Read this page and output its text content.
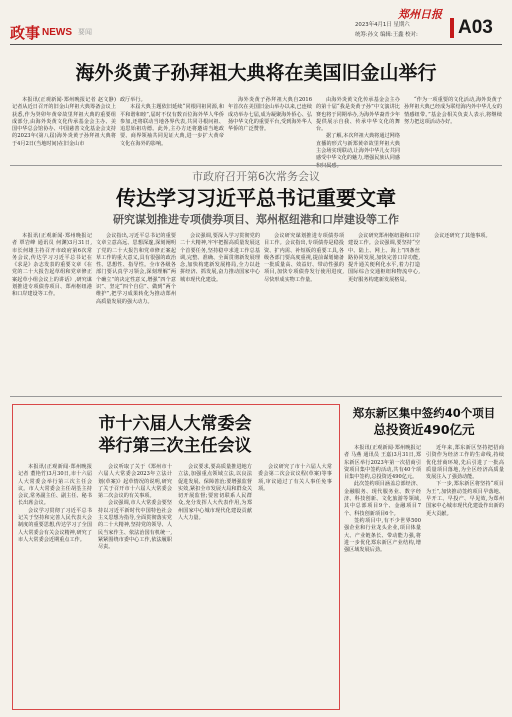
政事 NEWS 要闻
郑州日报
2023年4月1日 星期六
统筹:孙文 编辑:王鑫 校对: A03
海外炎黄子孙拜祖大典将在美国旧金山举行

本报讯(正观新闻·郑州晚报记者 赵文静)记者从近日召开的旧金山拜祖大典筹备会议上获悉,作为癸卯年黄帝故里拜祖大典的重要组成部分,由海外炎黄文化传承基金会主办、美国中华总会馆协办、中国慈善文化基金会支持的2023年(第八届)海外炎黄子孙拜祖大典将于4月2日(当地时间)在旧金山市

政厅举行。

本届大典主题依旧延续“同根同祖同源,和平和谐和睦”,届时不仅有数百位海外华人华侨参加,还将联动当地各界代表,共同寻根问祖、追思始祖功德。此外,主办方还将邀请当地政要、商界领袖共同见证大典,进一步扩大黄帝文化在海外的影响。

海外炎黄子孙拜祖大典自2016年首次在美国旧金山举办以来,已连续成功举办七届,成为凝聚海外侨心、弘扬中华文化的重要平台,受到海外华人华侨的广泛赞誉。

由海外炎黄文化传承基金会主办的第十届“我是炎黄子孙”中文演讲比赛也将于同期举办,为海外华裔青少年提供展示自我、传承中华文化的舞台。

据了解,本次拜祖大典将通过网络直播的形式与新郑黄帝故里拜祖大典主会场实现联动,让海外中华儿女共同感受中华文化的魅力,增强民族认同感

“作为一项重要的文化活动,海外炎黄子孙拜祖大典已经成为联结海内外中华儿女的情感纽带。”基金会相关负责人表示,将继续努力把这项活动办好。

市政府召开第6次常务会议
传达学习习近平总书记重要文章
研究谋划推进专项债券项目、郑州枢纽港和口岸建设等工作

本报讯(正观新闻·郑州晚报记者 覃岩峰 通讯员 何渊)3月31日,市长何雄主持召开市政府第6次常务会议,传达学习习近平总书记在《求是》杂志发表的重要文章《在党的二十大报告起草组和党章修正案起草小组会议上的讲话》,研究谋划推进专项债券项目、郑州枢纽港和口岸建设等工作。

会议指出,习近平总书记的重要文章立意高远、思想深邃,深刻阐明了党的二十大报告和党章修正案起草工作的重大意义,具有很强的政治性、思想性、指导性。全市各级各部门要认真学习领会,深刻理解“两个确立”的决定性意义,增强“四个意识”、坚定“四个自信”、做到“两个维护”,把学习成果转化为推动郑州高质量发展的强大动力。

会议强调,要深入学习贯彻党的二十大精神,牢牢把握高质量发展这个首要任务,坚持稳中求进工作总基调,完整、准确、全面贯彻新发展理念,加快构建新发展格局,全力以赴拼经济、抓发展,奋力推动国家中心城市现代化建设。

会议研究谋划推进专项债券项目工作。会议指出,专项债券是稳投资、扩内需、补短板的重要工具,各级各部门要高度重视,提前谋划储备一批质量高、效益好、带动性强的项目,加快专项债券发行使用进度,尽快形成实物工作量。

会议研究郑州枢纽港和口岸建设工作。会议强调,要坚持“空中、陆上、网上、海上”四条丝路协同发展,加快完善口岸功能,提升通关便利化水平,着力打造国际综合交通枢纽和物流中心,更好服务构建新发展格局。

会议还研究了其他事项。

市十六届人大常委会
举行第三次主任会议

本报讯(正观新闻·郑州晚报记者 董艳竹)3月30日,市十六届人大常委会举行第三次主任会议。市人大常委会主任胡荃主持会议,常务副主任、副主任、秘书长出席会议。

会议学习贯彻了习近平总书记关于坚持和完善人民代表大会制度的重要思想,传达学习了全国人大常委会有关会议精神,研究了市人大常委会近期重点工作。

会议听取了关于《郑州市十六届人大常委会2023年立法计划(草案)》起草情况的说明,研究了关于召开市十六届人大常委会第二次会议的有关事项。

会议强调,市人大常委会要坚持以习近平新时代中国特色社会主义思想为指导,全面贯彻落实党的二十大精神,坚持党的领导、人民当家作主、依法治国有机统一,紧紧围绕市委中心工作,依法履职尽责。

会议要求,要高质量推进地方立法,加强重点领域立法,以良法促进发展、保障善治;要增强监督实效,紧扣全市发展大局和群众关切开展监督;要密切联系人民群众,充分发挥人大代表作用,为郑州国家中心城市现代化建设贡献人大力量。

会议研究了市十六届人大常委会第二次会议议程(草案)等事项,审议通过了有关人事任免事项。

郑东新区集中签约40个项目
总投资近490亿元

本报讯(正观新闻·郑州晚报记者 马燕 通讯员 王嘉)3月31日,郑东新区举行2023年第一次招商引资项目集中签约活动,共有40个项目集中签约,总投资近490亿元。

此次签约项目涵盖总部经济、金融服务、现代服务业、数字经济、科技创新、文化旅游等领域,其中总部项目9个、金融项目7个、科技创新项目6个。

签约项目中,有不少世界500强企业和行业龙头企业,项目体量大、产业链条长、带动能力强,将进一步优化郑东新区产业结构,增强区域发展后劲。

近年来,郑东新区坚持把招商引资作为经济工作的生命线,持续优化营商环境,先后引进了一批高质量项目落地,为全区经济高质量发展注入了强劲动能。

下一步,郑东新区将坚持“项目为王”,加快推动签约项目早落地、早开工、早投产、早见效,为郑州国家中心城市现代化建设作出新的更大贡献。
